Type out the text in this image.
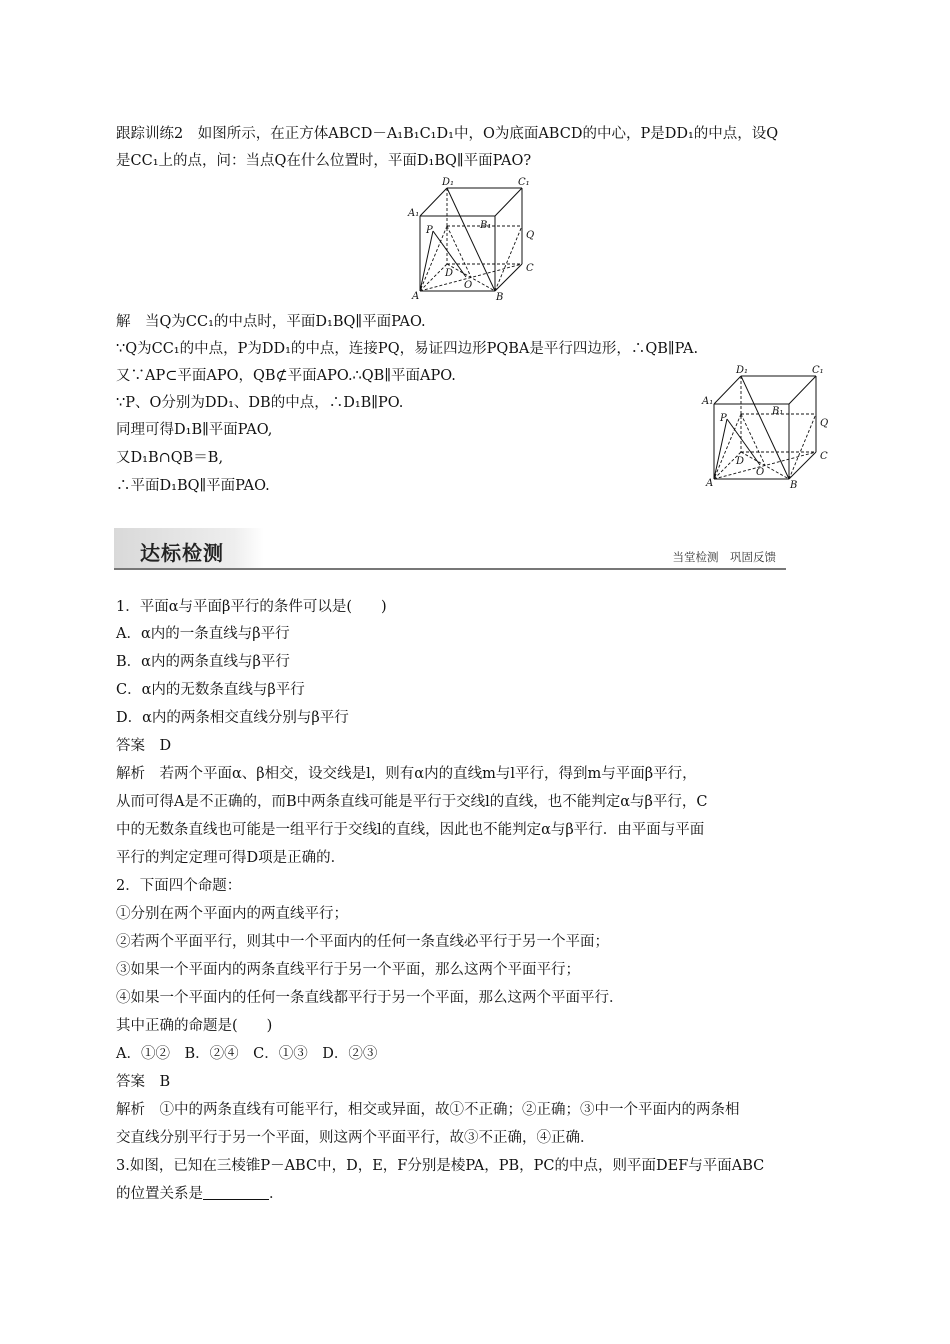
跟踪训练2　如图所示，在正方体ABCD－A₁B₁C₁D₁中，O为底面ABCD的中心，P是DD₁的中点，设Q
是CC₁上的点，问：当点Q在什么位置时，平面D₁BQ∥平面PAO?
D₁	C₁
A₁
B₁
P	Q
D	C
O
A	B
解　当Q为CC₁的中点时，平面D₁BQ∥平面PAO.
∵Q为CC₁的中点，P为DD₁的中点，连接PQ，易证四边形PQBA是平行四边形，∴QB∥PA.
又∵AP⊂平面APO，QB⊄平面APO.∴QB∥平面APO.
∵P、O分别为DD₁、DB的中点，∴D₁B∥PO.
同理可得D₁B∥平面PAO,
又D₁B∩QB＝B,
∴平面D₁BQ∥平面PAO.
D₁	C₁
A₁
B₁
P	Q
D	C
O
A	B
达标检测	当堂检测　巩固反馈
1．平面α与平面β平行的条件可以是(　　)
A．α内的一条直线与β平行
B．α内的两条直线与β平行
C．α内的无数条直线与β平行
D．α内的两条相交直线分别与β平行
答案　D
解析　若两个平面α、β相交，设交线是l，则有α内的直线m与l平行，得到m与平面β平行，
从而可得A是不正确的，而B中两条直线可能是平行于交线l的直线，也不能判定α与β平行，C
中的无数条直线也可能是一组平行于交线l的直线，因此也不能判定α与β平行．由平面与平面
平行的判定定理可得D项是正确的．
2．下面四个命题：
①分别在两个平面内的两直线平行；
②若两个平面平行，则其中一个平面内的任何一条直线必平行于另一个平面；
③如果一个平面内的两条直线平行于另一个平面，那么这两个平面平行；
④如果一个平面内的任何一条直线都平行于另一个平面，那么这两个平面平行．
其中正确的命题是(　　)
A．①②　B．②④　C．①③　D．②③
答案　B
解析　①中的两条直线有可能平行，相交或异面，故①不正确；②正确；③中一个平面内的两条相
交直线分别平行于另一个平面，则这两个平面平行，故③不正确，④正确．
3.如图，已知在三棱锥P－ABC中，D，E，F分别是棱PA，PB，PC的中点，则平面DEF与平面ABC
的位置关系是	．
